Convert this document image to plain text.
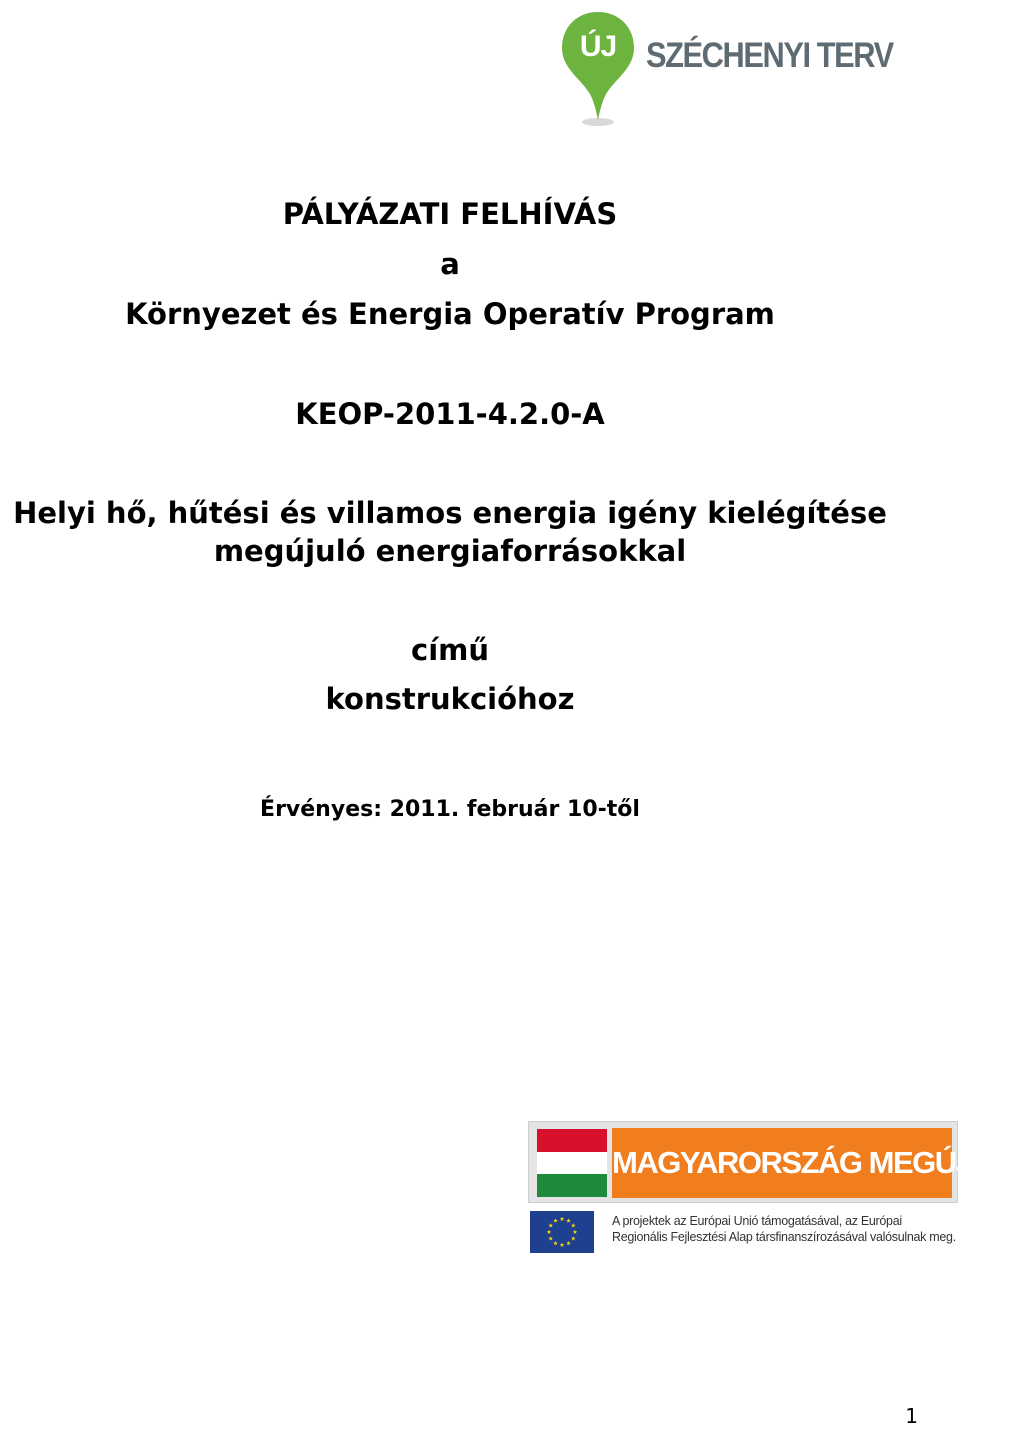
ÚJ SZÉCHENYI TERV
PÁLYÁZATI FELHÍVÁS
a
Környezet és Energia Operatív Program
KEOP-2011-4.2.0-A
Helyi hő, hűtési és villamos energia igény kielégítése
megújuló energiaforrásokkal
című
konstrukcióhoz
Érvényes: 2011. február 10-től
MAGYARORSZÁG MEGÚJUL
A projektek az Európai Unió támogatásával, az Európai
Regionális Fejlesztési Alap társfinanszírozásával valósulnak meg.
1
